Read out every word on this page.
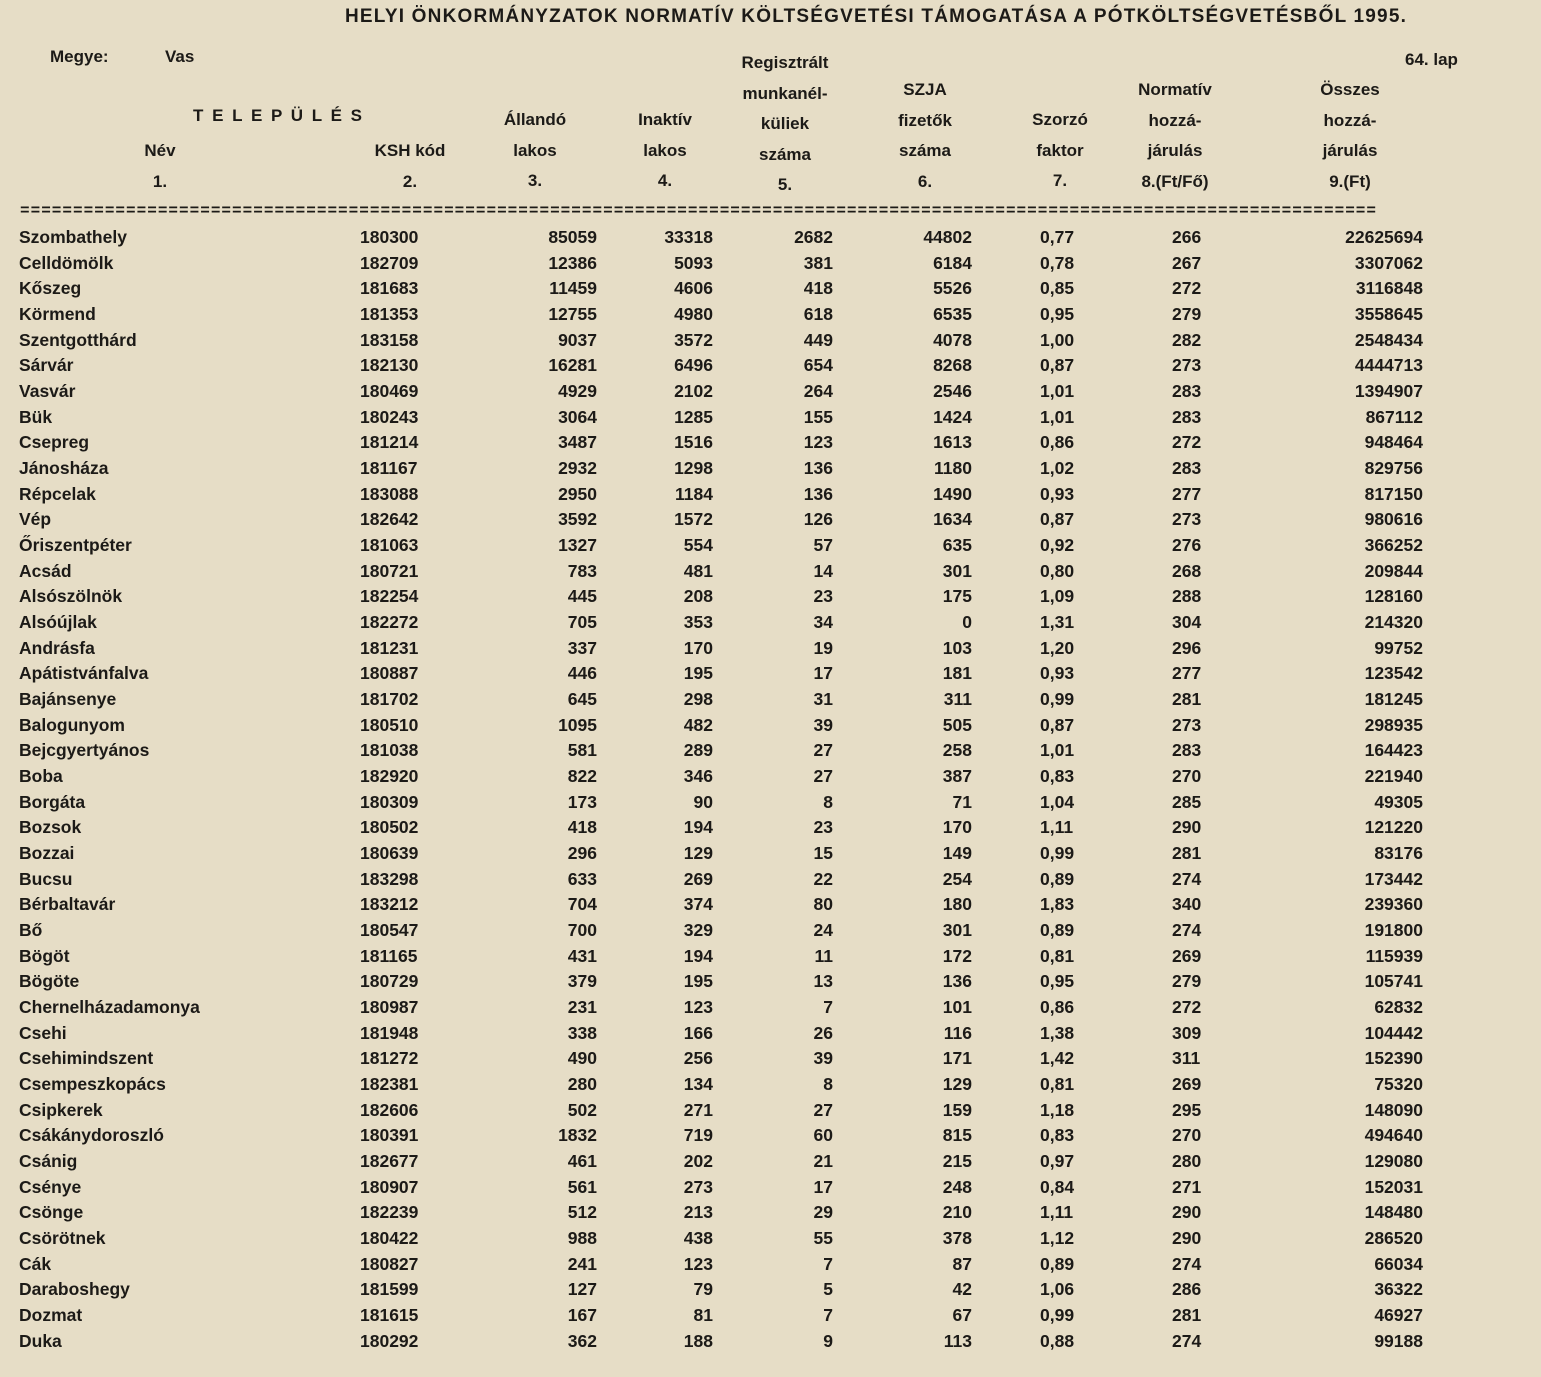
HELYI ÖNKORMÁNYZATOK NORMATÍV KÖLTSÉGVETÉSI TÁMOGATÁSA A PÓTKÖLTSÉGVETÉSBŐL 1995.
Megye:	Vas	64. lap
T E L E P Ü L É S
Név
1.
KSH kód
2.
Állandó
lakos
3.
Inaktív
lakos
4.
Regisztrált
munkanél-
küliek
száma
5.
SZJA
fizetők
száma
6.
Szorzó
faktor
7.
Normatív
hozzá-
járulás
8.(Ft/Fő)
Összes
hozzá-
járulás
9.(Ft)
================================================================================================================================
Szombathely	180300	85059	33318	2682	44802	0,77	266	22625694
Celldömölk	182709	12386	5093	381	6184	0,78	267	3307062
Kőszeg	181683	11459	4606	418	5526	0,85	272	3116848
Körmend	181353	12755	4980	618	6535	0,95	279	3558645
Szentgotthárd	183158	9037	3572	449	4078	1,00	282	2548434
Sárvár	182130	16281	6496	654	8268	0,87	273	4444713
Vasvár	180469	4929	2102	264	2546	1,01	283	1394907
Bük	180243	3064	1285	155	1424	1,01	283	867112
Csepreg	181214	3487	1516	123	1613	0,86	272	948464
Jánosháza	181167	2932	1298	136	1180	1,02	283	829756
Répcelak	183088	2950	1184	136	1490	0,93	277	817150
Vép	182642	3592	1572	126	1634	0,87	273	980616
Őriszentpéter	181063	1327	554	57	635	0,92	276	366252
Acsád	180721	783	481	14	301	0,80	268	209844
Alsószölnök	182254	445	208	23	175	1,09	288	128160
Alsóújlak	182272	705	353	34	0	1,31	304	214320
Andrásfa	181231	337	170	19	103	1,20	296	99752
Apátistvánfalva	180887	446	195	17	181	0,93	277	123542
Bajánsenye	181702	645	298	31	311	0,99	281	181245
Balogunyom	180510	1095	482	39	505	0,87	273	298935
Bejcgyertyános	181038	581	289	27	258	1,01	283	164423
Boba	182920	822	346	27	387	0,83	270	221940
Borgáta	180309	173	90	8	71	1,04	285	49305
Bozsok	180502	418	194	23	170	1,11	290	121220
Bozzai	180639	296	129	15	149	0,99	281	83176
Bucsu	183298	633	269	22	254	0,89	274	173442
Bérbaltavár	183212	704	374	80	180	1,83	340	239360
Bő	180547	700	329	24	301	0,89	274	191800
Bögöt	181165	431	194	11	172	0,81	269	115939
Bögöte	180729	379	195	13	136	0,95	279	105741
Chernelházadamonya	180987	231	123	7	101	0,86	272	62832
Csehi	181948	338	166	26	116	1,38	309	104442
Csehimindszent	181272	490	256	39	171	1,42	311	152390
Csempeszkopács	182381	280	134	8	129	0,81	269	75320
Csipkerek	182606	502	271	27	159	1,18	295	148090
Csákánydoroszló	180391	1832	719	60	815	0,83	270	494640
Csánig	182677	461	202	21	215	0,97	280	129080
Csénye	180907	561	273	17	248	0,84	271	152031
Csönge	182239	512	213	29	210	1,11	290	148480
Csörötnek	180422	988	438	55	378	1,12	290	286520
Cák	180827	241	123	7	87	0,89	274	66034
Daraboshegy	181599	127	79	5	42	1,06	286	36322
Dozmat	181615	167	81	7	67	0,99	281	46927
Duka	180292	362	188	9	113	0,88	274	99188
